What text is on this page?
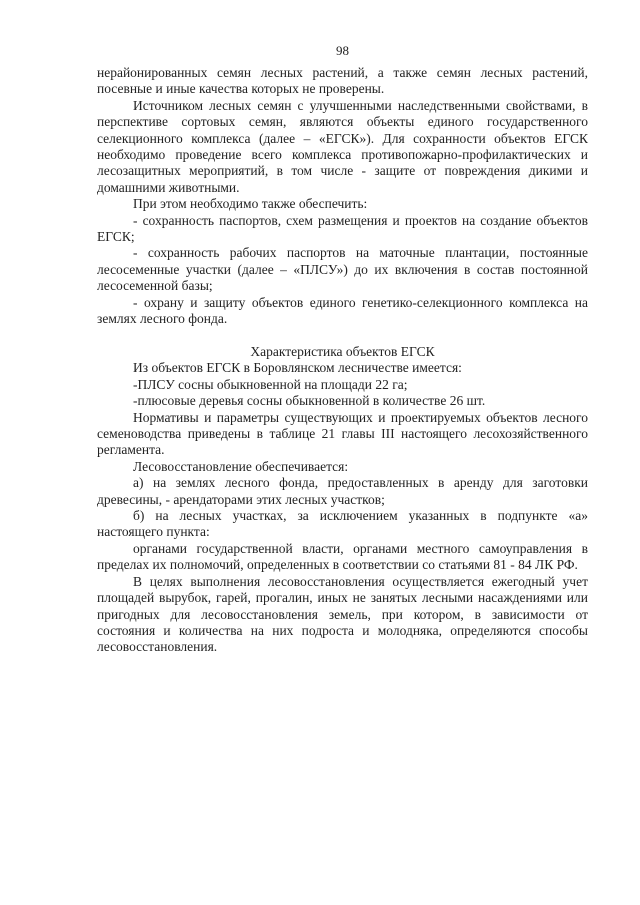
98

нерайонированных семян лесных растений, а также семян лесных растений, посевные и иные качества которых не проверены.

Источником лесных семян с улучшенными наследственными свойствами, в перспективе сортовых семян, являются объекты единого государственного селекционного комплекса (далее – «ЕГСК»). Для сохранности объектов ЕГСК необходимо проведение всего комплекса противопожарно-профилактических и лесозащитных мероприятий, в том числе - защите от повреждения дикими и домашними животными.

При этом необходимо также обеспечить:

- сохранность паспортов, схем размещения и проектов на создание объектов ЕГСК;

- сохранность рабочих паспортов на маточные плантации, постоянные лесосеменные участки (далее – «ПЛСУ») до их включения в состав постоянной лесосеменной базы;

- охрану и защиту объектов единого генетико-селекционного комплекса на землях лесного фонда.

Характеристика объектов ЕГСК

Из объектов ЕГСК в Боровлянском лесничестве имеется:

-ПЛСУ сосны обыкновенной на площади 22 га;

-плюсовые деревья сосны обыкновенной в количестве 26 шт.

Нормативы и параметры существующих и проектируемых объектов лесного семеноводства приведены в таблице 21 главы III настоящего лесохозяйственного регламента.

Лесовосстановление обеспечивается:

а) на землях лесного фонда, предоставленных в аренду для заготовки древесины, - арендаторами этих лесных участков;

б) на лесных участках, за исключением указанных в подпункте «а» настоящего пункта:

органами государственной власти, органами местного самоуправления в пределах их полномочий, определенных в соответствии со статьями 81 - 84 ЛК РФ.

В целях выполнения лесовосстановления осуществляется ежегодный учет площадей вырубок, гарей, прогалин, иных не занятых лесными насаждениями или пригодных для лесовосстановления земель, при котором, в зависимости от состояния и количества на них подроста и молодняка, определяются способы лесовосстановления.
